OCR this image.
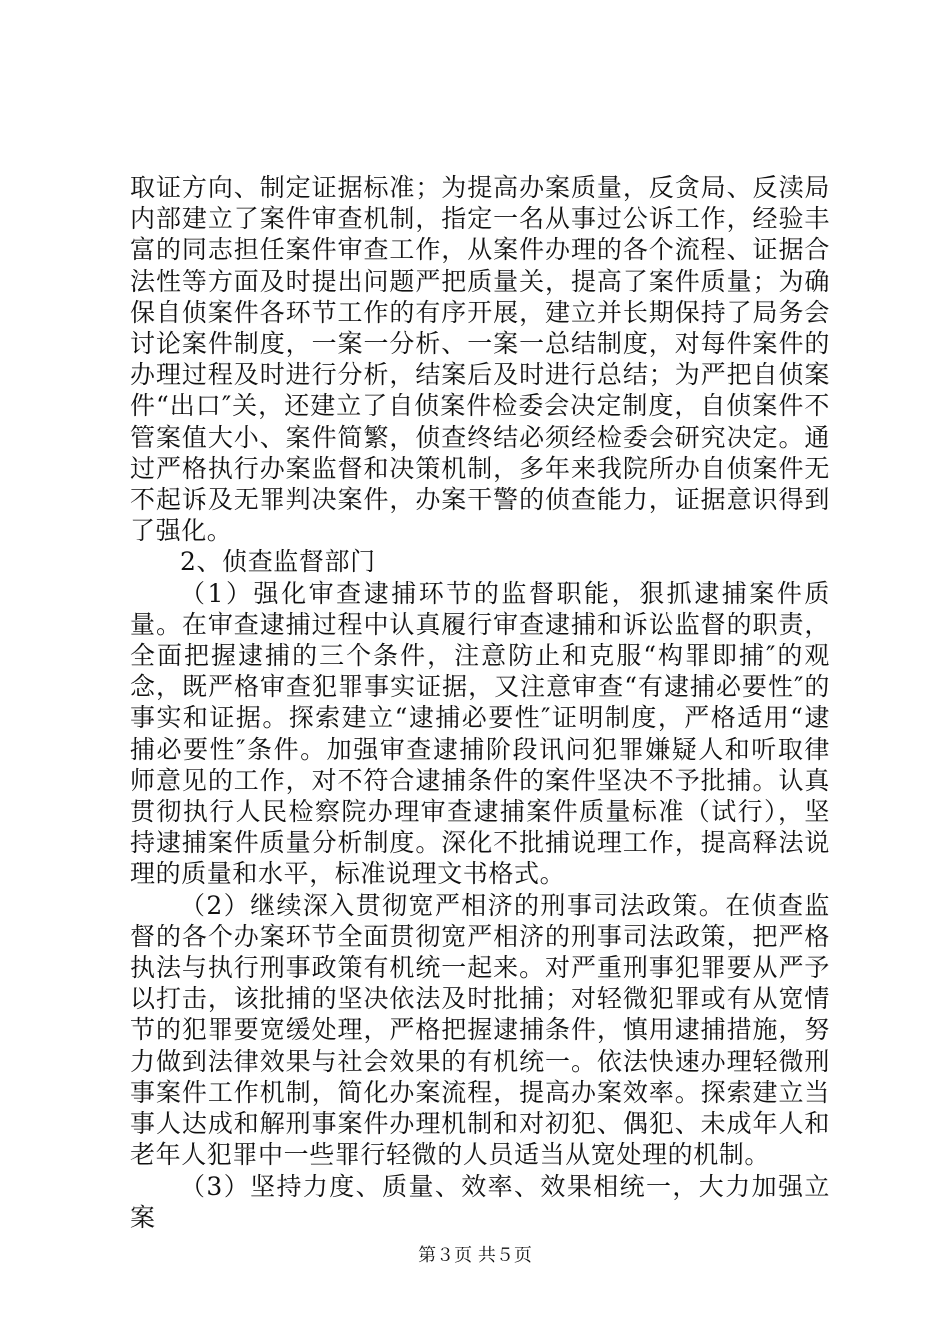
取证方向、制定证据标准；为提高办案质量，反贪局、反渎局内部建立了案件审查机制，指定一名从事过公诉工作，经验丰富的同志担任案件审查工作，从案件办理的各个流程、证据合法性等方面及时提出问题严把质量关，提高了案件质量；为确保自侦案件各环节工作的有序开展，建立并长期保持了局务会讨论案件制度，一案一分析、一案一总结制度，对每件案件的办理过程及时进行分析，结案后及时进行总结；为严把自侦案件“出口″关，还建立了自侦案件检委会决定制度，自侦案件不管案值大小、案件简繁，侦查终结必须经检委会研究决定。通过严格执行办案监督和决策机制，多年来我院所办自侦案件无不起诉及无罪判决案件，办案干警的侦查能力，证据意识得到了强化。

2、侦查监督部门

（1）强化审查逮捕环节的监督职能，狠抓逮捕案件质量。在审查逮捕过程中认真履行审查逮捕和诉讼监督的职责，全面把握逮捕的三个条件，注意防止和克服“构罪即捕″的观念，既严格审查犯罪事实证据，又注意审查“有逮捕必要性″的事实和证据。探索建立“逮捕必要性″证明制度，严格适用“逮捕必要性″条件。加强审查逮捕阶段讯问犯罪嫌疑人和听取律师意见的工作，对不符合逮捕条件的案件坚决不予批捕。认真贯彻执行人民检察院办理审查逮捕案件质量标准（试行），坚持逮捕案件质量分析制度。深化不批捕说理工作，提高释法说理的质量和水平，标准说理文书格式。

（2）继续深入贯彻宽严相济的刑事司法政策。在侦查监督的各个办案环节全面贯彻宽严相济的刑事司法政策，把严格执法与执行刑事政策有机统一起来。对严重刑事犯罪要从严予以打击，该批捕的坚决依法及时批捕；对轻微犯罪或有从宽情节的犯罪要宽缓处理，严格把握逮捕条件，慎用逮捕措施，努力做到法律效果与社会效果的有机统一。依法快速办理轻微刑事案件工作机制，简化办案流程，提高办案效率。探索建立当事人达成和解刑事案件办理机制和对初犯、偶犯、未成年人和老年人犯罪中一些罪行轻微的人员适当从宽处理的机制。

（3）坚持力度、质量、效率、效果相统一，大力加强立案

第３页 共５页
